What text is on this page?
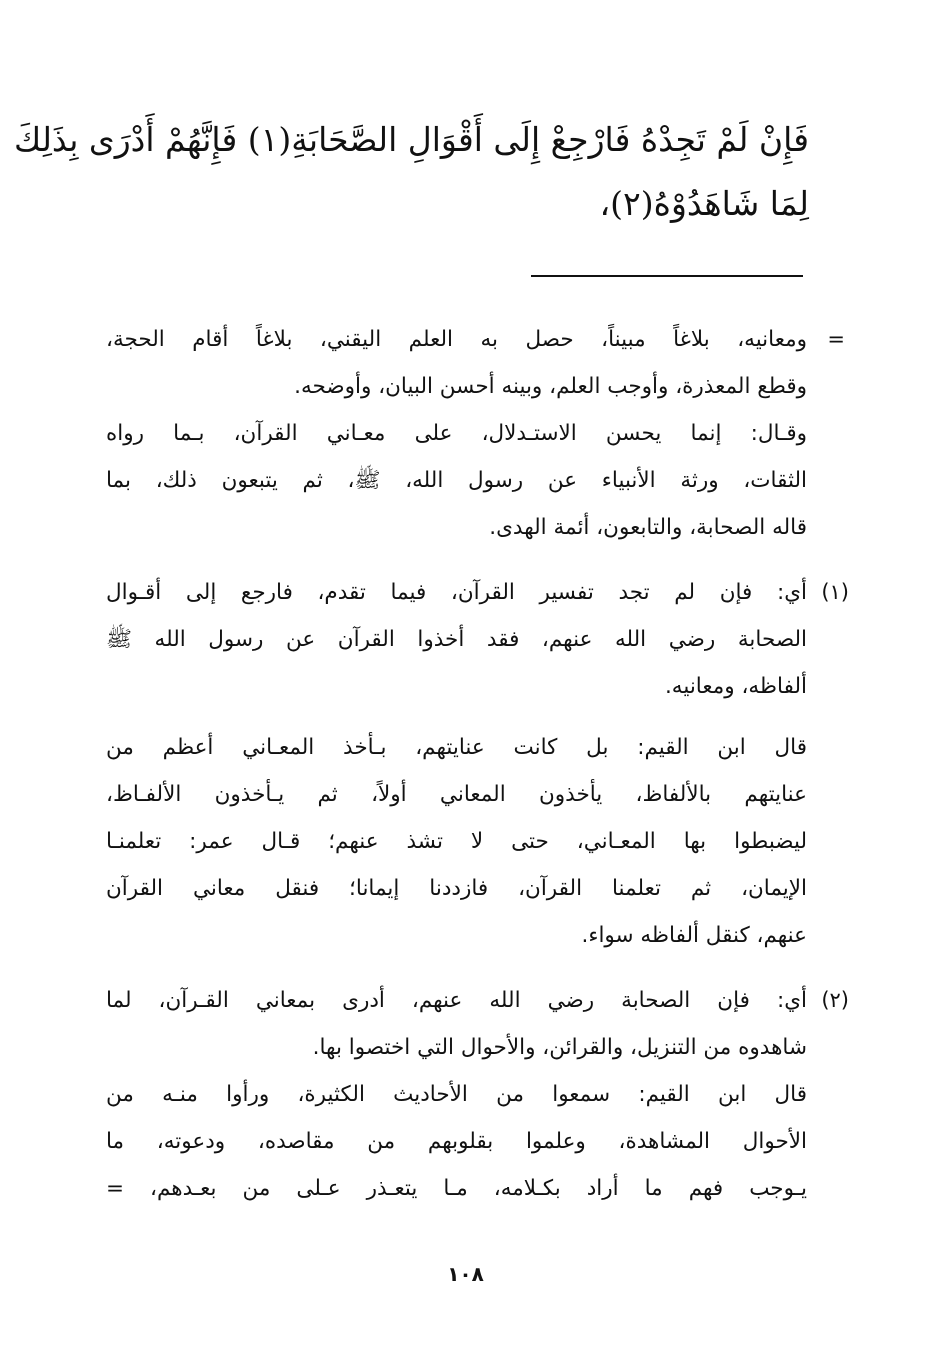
فَإِنْ لَمْ تَجِدْهُ فَارْجِعْ إِلَى أَقْوَالِ الصَّحَابَةِ(١) فَإِنَّهُمْ أَدْرَى بِذَلِكَ
لِمَا شَاهَدُوْهُ(٢)،
=
ومعانيه، بلاغاً مبيناً، حصل به العلم اليقني، بلاغاً أقام الحجة،
وقطع المعذرة، وأوجب العلم، وبينه أحسن البيان، وأوضحه.
وقـال: إنما يحسن الاستـدلال، على معـاني القرآن، بـما رواه
الثقات، ورثة الأنبياء عن رسول الله، ﷺ، ثم يتبعون ذلك، بما
قاله الصحابة، والتابعون، أئمة الهدى.
(١)
أي: فإن لم تجد تفسير القرآن، فيما تقدم، فارجع إلى أقـوال
الصحابة رضي الله عنهم، فقد أخذوا القرآن عن رسول الله ﷺ
ألفاظه، ومعانيه.
قال ابن القيم: بل كانت عنايتهم، بـأخذ المعـاني أعظم من
عنايتهم بالألفاظ، يأخذون المعاني أولاً، ثم يـأخذون الألفـاظ،
ليضبطوا بها المعـاني، حتى لا تشذ عنهم؛ قـال عمر: تعلمنـا
الإيمان، ثم تعلمنا القرآن، فازددنا إيمانا؛ فنقل معاني القرآن
عنهم، كنقل ألفاظه سواء.
(٢)
أي: فإن الصحابة رضي الله عنهم، أدرى بمعاني القـرآن، لما
شاهدوه من التنزيل، والقرائن، والأحوال التي اختصوا بها.
قال ابن القيم: سمعوا من الأحاديث الكثيرة، ورأوا منـه من
الأحوال المشاهدة، وعلموا بقلوبهم من مقاصده، ودعوته، ما
يـوجب فهم ما أراد بكـلامه، مـا يتعـذر عـلى من بعـدهم، =
١٠٨
